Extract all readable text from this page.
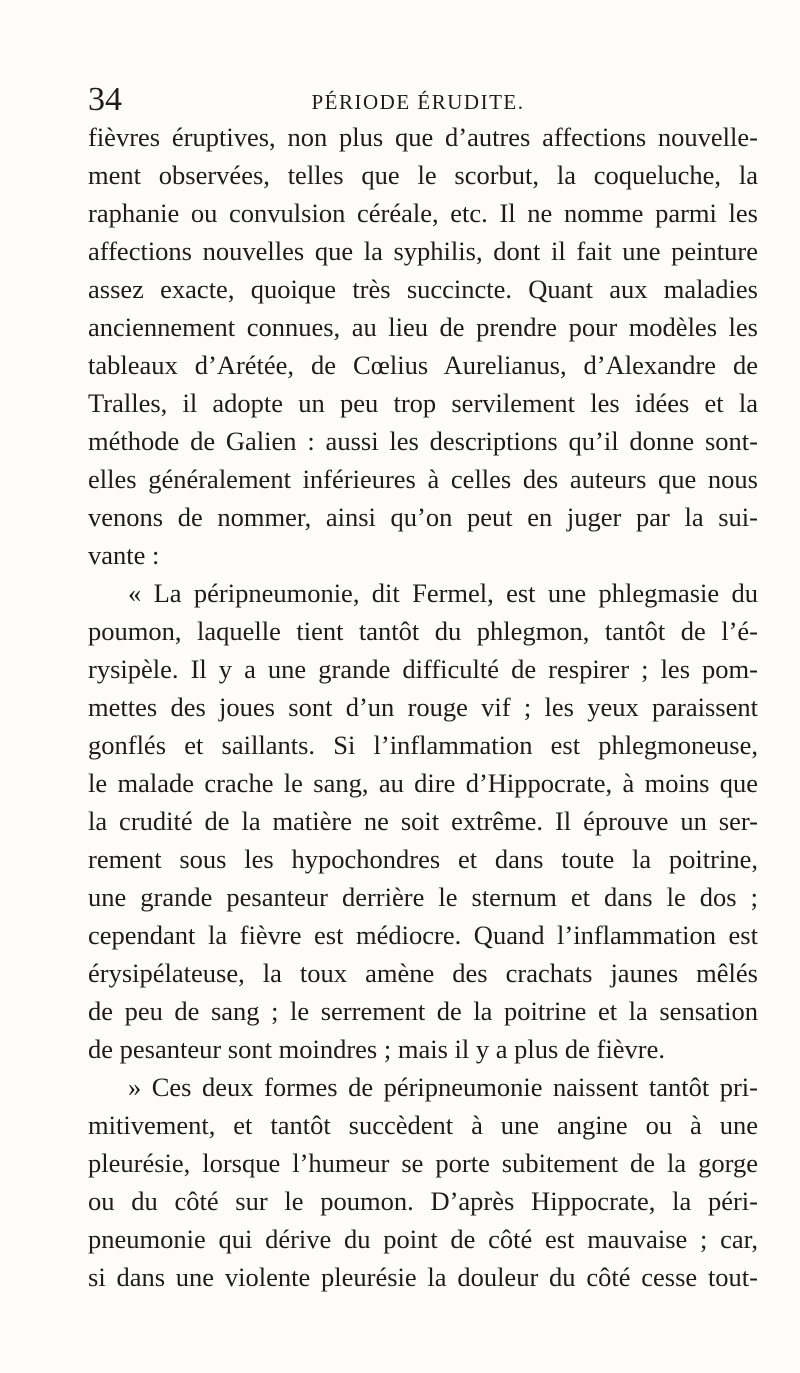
34	PÉRIODE ÉRUDITE.
fièvres éruptives, non plus que d’autres affections nouvelle-
ment observées, telles que le scorbut, la coqueluche, la
raphanie ou convulsion céréale, etc. Il ne nomme parmi les
affections nouvelles que la syphilis, dont il fait une peinture
assez exacte, quoique très succincte. Quant aux maladies
anciennement connues, au lieu de prendre pour modèles les
tableaux d’Arétée, de Cœlius Aurelianus, d’Alexandre de
Tralles, il adopte un peu trop servilement les idées et la
méthode de Galien : aussi les descriptions qu’il donne sont-
elles généralement inférieures à celles des auteurs que nous
venons de nommer, ainsi qu’on peut en juger par la sui-
vante :
« La péripneumonie, dit Fermel, est une phlegmasie du
poumon, laquelle tient tantôt du phlegmon, tantôt de l’é-
rysipèle. Il y a une grande difficulté de respirer ; les pom-
mettes des joues sont d’un rouge vif ; les yeux paraissent
gonflés et saillants. Si l’inflammation est phlegmoneuse,
le malade crache le sang, au dire d’Hippocrate, à moins que
la crudité de la matière ne soit extrême. Il éprouve un ser-
rement sous les hypochondres et dans toute la poitrine,
une grande pesanteur derrière le sternum et dans le dos ;
cependant la fièvre est médiocre. Quand l’inflammation est
érysipélateuse, la toux amène des crachats jaunes mêlés
de peu de sang ; le serrement de la poitrine et la sensation
de pesanteur sont moindres ; mais il y a plus de fièvre.
» Ces deux formes de péripneumonie naissent tantôt pri-
mitivement, et tantôt succèdent à une angine ou à une
pleurésie, lorsque l’humeur se porte subitement de la gorge
ou du côté sur le poumon. D’après Hippocrate, la péri-
pneumonie qui dérive du point de côté est mauvaise ; car,
si dans une violente pleurésie la douleur du côté cesse tout-
